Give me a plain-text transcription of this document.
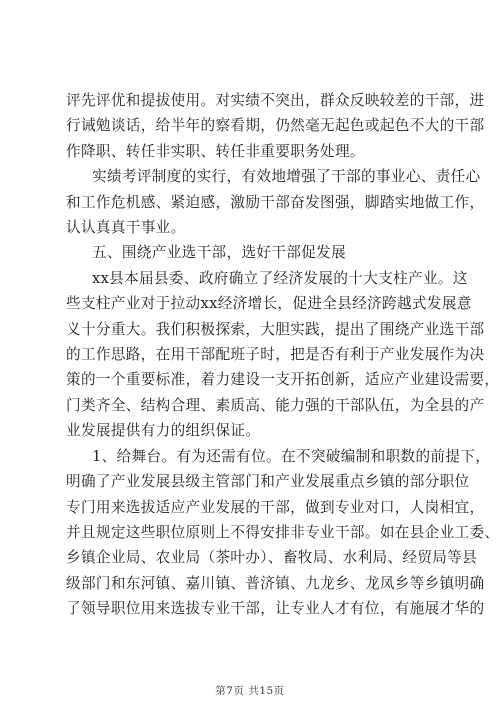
评先评优和提拔使用。对实绩不突出，群众反映较差的干部，进

行诫勉谈话，给半年的察看期，仍然毫无起色或起色不大的干部

作降职、转任非实职、转任非重要职务处理。

实绩考评制度的实行，有效地增强了干部的事业心、责任心

和工作危机感、紧迫感，激励干部奋发图强，脚踏实地做工作，

认认真真干事业。

五、围绕产业选干部，选好干部促发展

xx县本届县委、政府确立了经济发展的十大支柱产业。这

些支柱产业对于拉动xx经济增长，促进全县经济跨越式发展意

义十分重大。我们积极探索，大胆实践，提出了围绕产业选干部

的工作思路，在用干部配班子时，把是否有利于产业发展作为决

策的一个重要标准，着力建设一支开拓创新，适应产业建设需要，

门类齐全、结构合理、素质高、能力强的干部队伍，为全县的产

业发展提供有力的组织保证。

1、给舞台。有为还需有位。在不突破编制和职数的前提下，

明确了产业发展县级主管部门和产业发展重点乡镇的部分职位

专门用来选拔适应产业发展的干部，做到专业对口，人岗相宜，

并且规定这些职位原则上不得安排非专业干部。如在县企业工委、

乡镇企业局、农业局（茶叶办）、畜牧局、水利局、经贸局等县

级部门和东河镇、嘉川镇、普济镇、九龙乡、龙凤乡等乡镇明确

了领导职位用来选拔专业干部，让专业人才有位，有施展才华的

第7页 共15页
